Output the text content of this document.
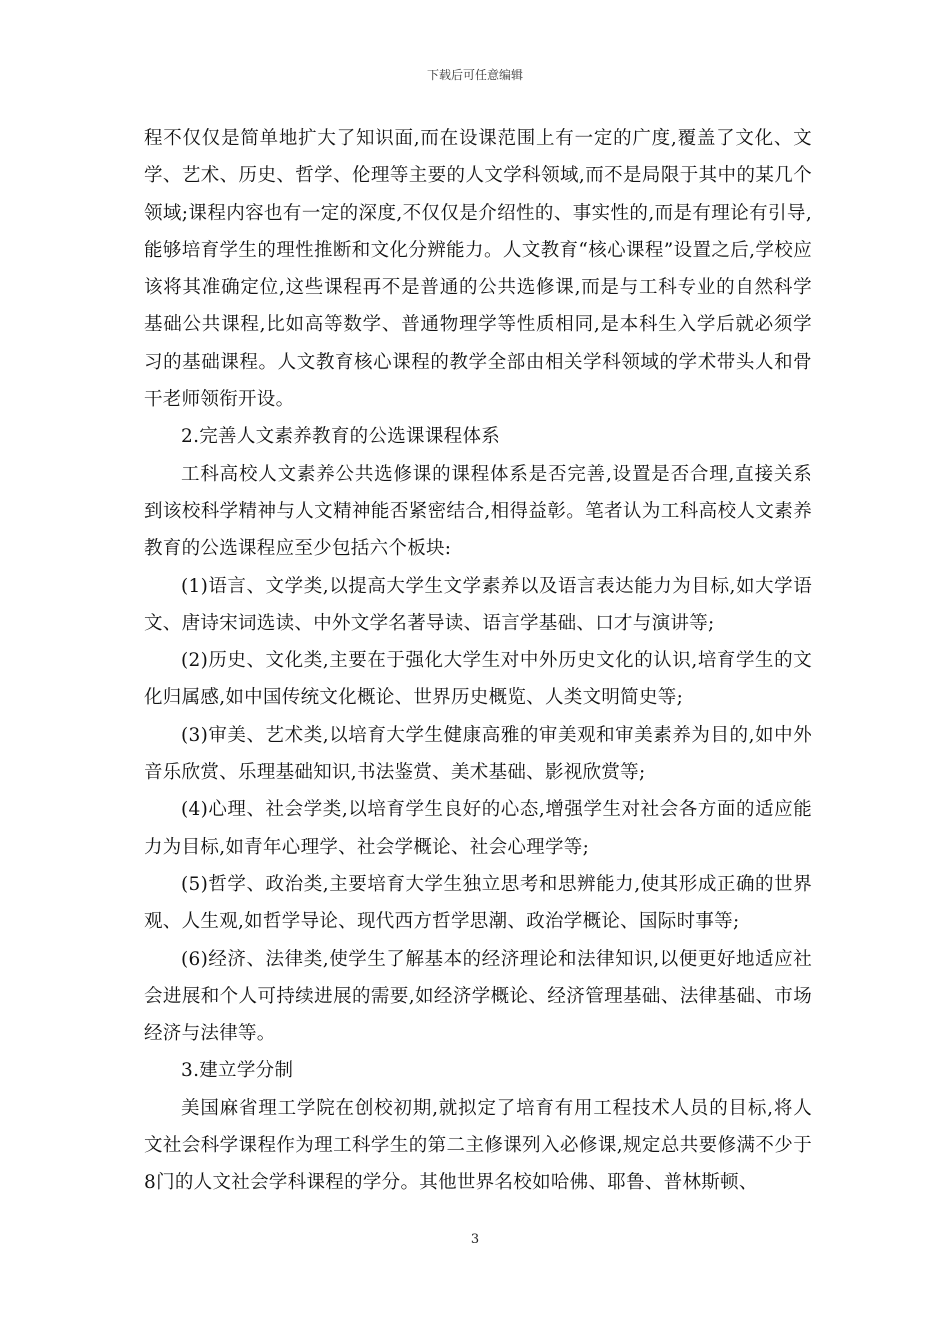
下载后可任意编辑

程不仅仅是简单地扩大了知识面,而在设课范围上有一定的广度,覆盖了文化、文学、艺术、历史、哲学、伦理等主要的人文学科领域,而不是局限于其中的某几个领域;课程内容也有一定的深度,不仅仅是介绍性的、事实性的,而是有理论有引导,能够培育学生的理性推断和文化分辨能力。人文教育“核心课程”设置之后,学校应该将其准确定位,这些课程再不是普通的公共选修课,而是与工科专业的自然科学基础公共课程,比如高等数学、普通物理学等性质相同,是本科生入学后就必须学习的基础课程。人文教育核心课程的教学全部由相关学科领域的学术带头人和骨干老师领衔开设。

2.完善人文素养教育的公选课课程体系

工科高校人文素养公共选修课的课程体系是否完善,设置是否合理,直接关系到该校科学精神与人文精神能否紧密结合,相得益彰。笔者认为工科高校人文素养教育的公选课程应至少包括六个板块:

(1)语言、文学类,以提高大学生文学素养以及语言表达能力为目标,如大学语文、唐诗宋词选读、中外文学名著导读、语言学基础、口才与演讲等;

(2)历史、文化类,主要在于强化大学生对中外历史文化的认识,培育学生的文化归属感,如中国传统文化概论、世界历史概览、人类文明简史等;

(3)审美、艺术类,以培育大学生健康高雅的审美观和审美素养为目的,如中外音乐欣赏、乐理基础知识,书法鉴赏、美术基础、影视欣赏等;

(4)心理、社会学类,以培育学生良好的心态,增强学生对社会各方面的适应能力为目标,如青年心理学、社会学概论、社会心理学等;

(5)哲学、政治类,主要培育大学生独立思考和思辨能力,使其形成正确的世界观、人生观,如哲学导论、现代西方哲学思潮、政治学概论、国际时事等;

(6)经济、法律类,使学生了解基本的经济理论和法律知识,以便更好地适应社会进展和个人可持续进展的需要,如经济学概论、经济管理基础、法律基础、市场经济与法律等。

3.建立学分制

美国麻省理工学院在创校初期,就拟定了培育有用工程技术人员的目标,将人文社会科学课程作为理工科学生的第二主修课列入必修课,规定总共要修满不少于8门的人文社会学科课程的学分。其他世界名校如哈佛、耶鲁、普林斯顿、

3
